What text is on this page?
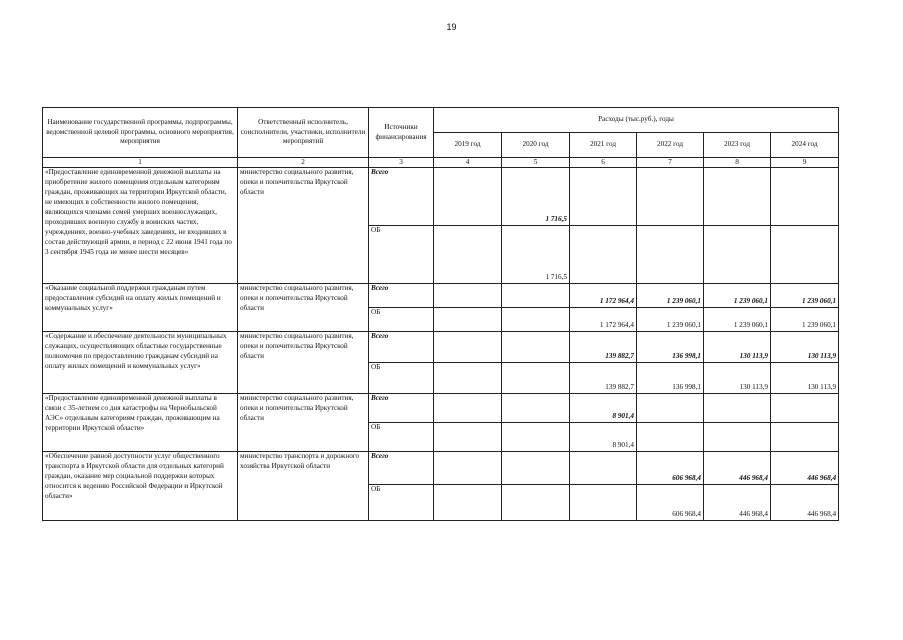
19
Наименование государственной программы, подпрограммы, ведомственной целевой программы, основного мероприятия, мероприятия	Ответственный исполнитель, соисполнители, участники, исполнители мероприятий	Источники финансирования	Расходы (тыс.руб.), годы					
			2019 год	2020 год	2021 год	2022 год	2023 год	2024 год
1	2	3	4	5	6	7	8	9
«Предоставление единовременной денежной выплаты на приобретение жилого помещения отдельным категориям граждан, проживающих на территории Иркутской области, не имеющих в собственности жилого помещения, являющихся членами семей умерших военнослужащих, проходивших военную службу в воинских частях, учреждениях, военно-учебных заведениях, не входивших в состав действующей армии, в период с 22 июня 1941 года по 3 сентября 1945 года не менее шести месяцев»	министерство социального развития, опеки и попечительства Иркутской области	Всего		1 716,5				
		ОБ		1 716,5				
«Оказание социальной поддержки гражданам путем предоставления субсидий на оплату жилых помещений и коммунальных услуг»	министерство социального развития, опеки и попечительства Иркутской области	Всего			1 172 964,4	1 239 060,1	1 239 060,1	1 239 060,1
		ОБ			1 172 964,4	1 239 060,1	1 239 060,1	1 239 060,1
«Содержание и обеспечение деятельности муниципальных служащих, осуществляющих областные государственные полномочия по предоставлению гражданам субсидий на оплату жилых помещений и коммунальных услуг»	министерство социального развития, опеки и попечительства Иркутской области	Всего			139 882,7	136 998,1	130 113,9	130 113,9
		ОБ			139 882,7	136 998,1	130 113,9	130 113,9
«Предоставление единовременной денежной выплаты в связи с 35-летием со дня катастрофы на Чернобыльской АЭС» отдельным категориям граждан, проживающим на территории Иркутской области»	министерство социального развития, опеки и попечительства Иркутской области	Всего			8 901,4			
		ОБ			8 901,4			
«Обеспечение равной доступности услуг общественного транспорта в Иркутской области для отдельных категорий граждан, оказание мер социальной поддержки которых относится к ведению Российской Федерации и Иркутской области»	министерство транспорта и дорожного хозяйства Иркутской области	Всего				606 968,4	446 968,4	446 968,4
		ОБ				606 968,4	446 968,4	446 968,4
